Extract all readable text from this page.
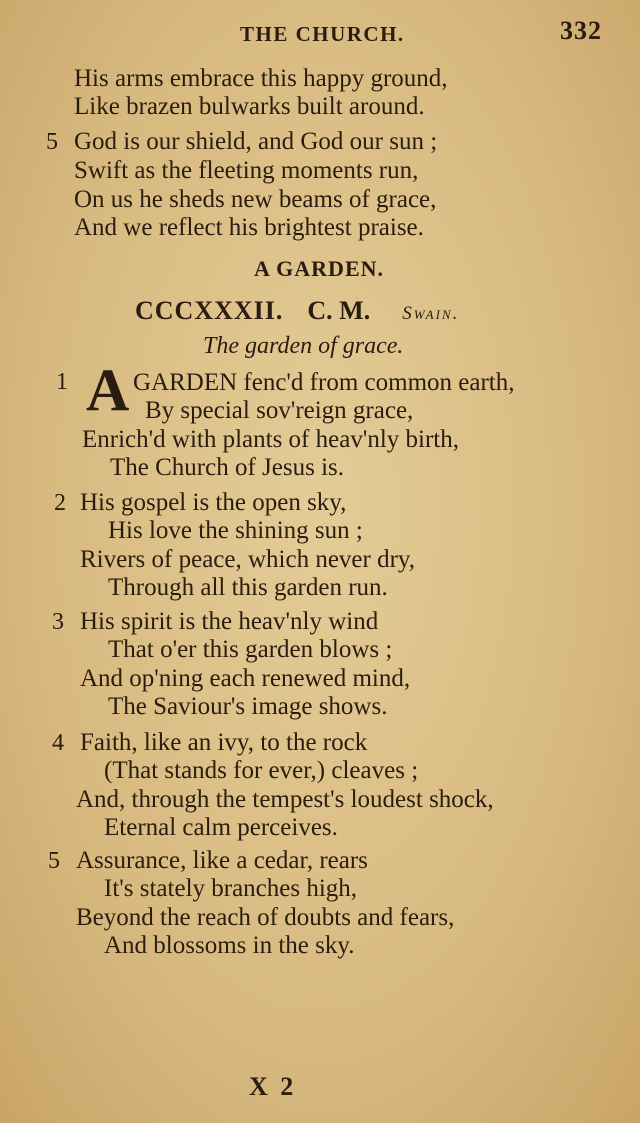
THE CHURCH.	332
His arms embrace this happy ground,
Like brazen bulwarks built around.
5 God is our shield, and God our sun ;
Swift as the fleeting moments run,
On us he sheds new beams of grace,
And we reflect his brightest praise.
A GARDEN.
CCCXXXII. C. M. Swain.
The garden of grace.
1 A GARDEN fenc'd from common earth,
By special sov'reign grace,
Enrich'd with plants of heav'nly birth,
The Church of Jesus is.
2 His gospel is the open sky,
His love the shining sun ;
Rivers of peace, which never dry,
Through all this garden run.
3 His spirit is the heav'nly wind
That o'er this garden blows ;
And op'ning each renewed mind,
The Saviour's image shows.
4 Faith, like an ivy, to the rock
(That stands for ever,) cleaves ;
And, through the tempest's loudest shock,
Eternal calm perceives.
5 Assurance, like a cedar, rears
It's stately branches high,
Beyond the reach of doubts and fears,
And blossoms in the sky.
X 2
